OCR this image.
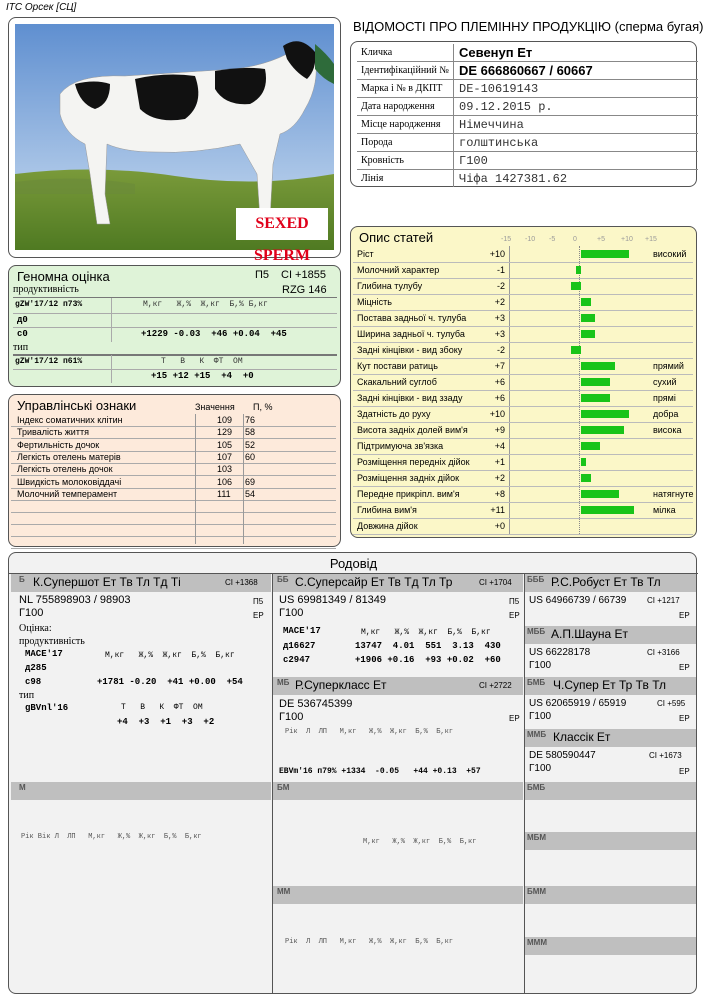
ІТС Орсек [СЦ]
SEXED SPERM
ВІДОМОСТІ ПРО ПЛЕМІННУ ПРОДУКЦІЮ (сперма бугая)
Кличка	Севенуп Ет
Ідентифікаційний № DE 666860667 / 60667
Марка і № в ДКПТ DE-10619143
Дата народження 09.12.2015 р.
Місце народження Німеччина
Порода	голштинська
Кровність	Г100
Лінія	Чіфа 1427381.62
Геномна оцінка	П5 CI +1855
продуктивність	RZG 146
gZW'17/12 п73%	М,кг   Ж,%  Ж,кг  Б,% Б,кг
д0
с0	+1229 -0.03  +46 +0.04  +45
тип
gZW'17/12 п61%	Т   В   К  ФТ  ОМ
+15 +12 +15  +4  +0
Управлінські ознаки	Значення П, %
Індекс соматичних клітин	109 76
Тривалість життя	129 58
Фертильність дочок	105 52
Легкість отелень матерів	107 60
Легкість отелень дочок	103
Швидкість молоковіддачі	106 69
Молочний темперамент	111 54
Опис статей	-15 -10 -5	0	+5 +10 +15
Ріст	+10	високий
Молочний характер	-1
Глибина тулубу	-2
Міцність	+2
Постава задньої ч. тулуба	+3
Ширина задньої ч. тулуба	+3
Задні кінцівки - вид збоку	-2
Кут постави ратиць	+7	прямий
Скакальний суглоб	+6	сухий
Задні кінцівки - вид ззаду	+6	прямі
Здатність до руху	+10	добра
Висота задніх долей вим'я	+9	висока
Підтримуюча зв'язка	+4
Розміщення передніх дійок	+1
Розміщення задніх дійок	+2
Передне прикріпл. вим'я	+8	натягнуте
Глибина вим'я	+11	мілка
Довжина дійок	+0
Родовід
Б К.Супершот Ет Тв Тл Тд Ті	CI +1368
NL 755898903 / 98903	П5
Г100	ЕР
Оцінка:
продуктивність
MACE'17	М,кг   Ж,%  Ж,кг  Б,%  Б,кг
д285
с98	+1781 -0.20  +41 +0.00  +54
тип
gBVnl'16	Т   В   К  ФТ  ОМ
+4  +3  +1  +3  +2
ББ С.Суперсайр Ет Тв Тд Тл Тр	CI +1704
US 69981349 / 81349	П5
Г100	ЕР
MACE'17	М,кг   Ж,%  Ж,кг  Б,%  Б,кг
д16627	13747  4.01  551  3.13  430
с2947	+1906 +0.16  +93 +0.02  +60
БББ Р.С.Робуст Ет Тв Тл
US 64966739 / 66739	CI +1217
ЕР
МББ А.П.Шауна Ет
US 66228178	CI +3166
Г100	ЕР
МБ Р.Суперкласс Ет	CI +2722
DE 536745399
Г100	ЕР
Рік  Л  ЛП   М,кг   Ж,%  Ж,кг  Б,%  Б,кг
EBVm'16 п79% +1334  -0.05   +44 +0.13  +57
БМБ Ч.Супер Ет Тр Тв Тл
US 62065919 / 65919	CI +595
Г100	ЕР
ММБ Классік Ет
DE 580590447	CI +1673
Г100	ЕР
М
Рік Вік Л  ЛП   М,кг   Ж,%  Ж,кг  Б,%  Б,кг
БМ
М,кг   Ж,%  Ж,кг  Б,%  Б,кг
БМБ
МБМ
ММ
Рік  Л  ЛП   М,кг   Ж,%  Ж,кг  Б,%  Б,кг
БММ
МММ
